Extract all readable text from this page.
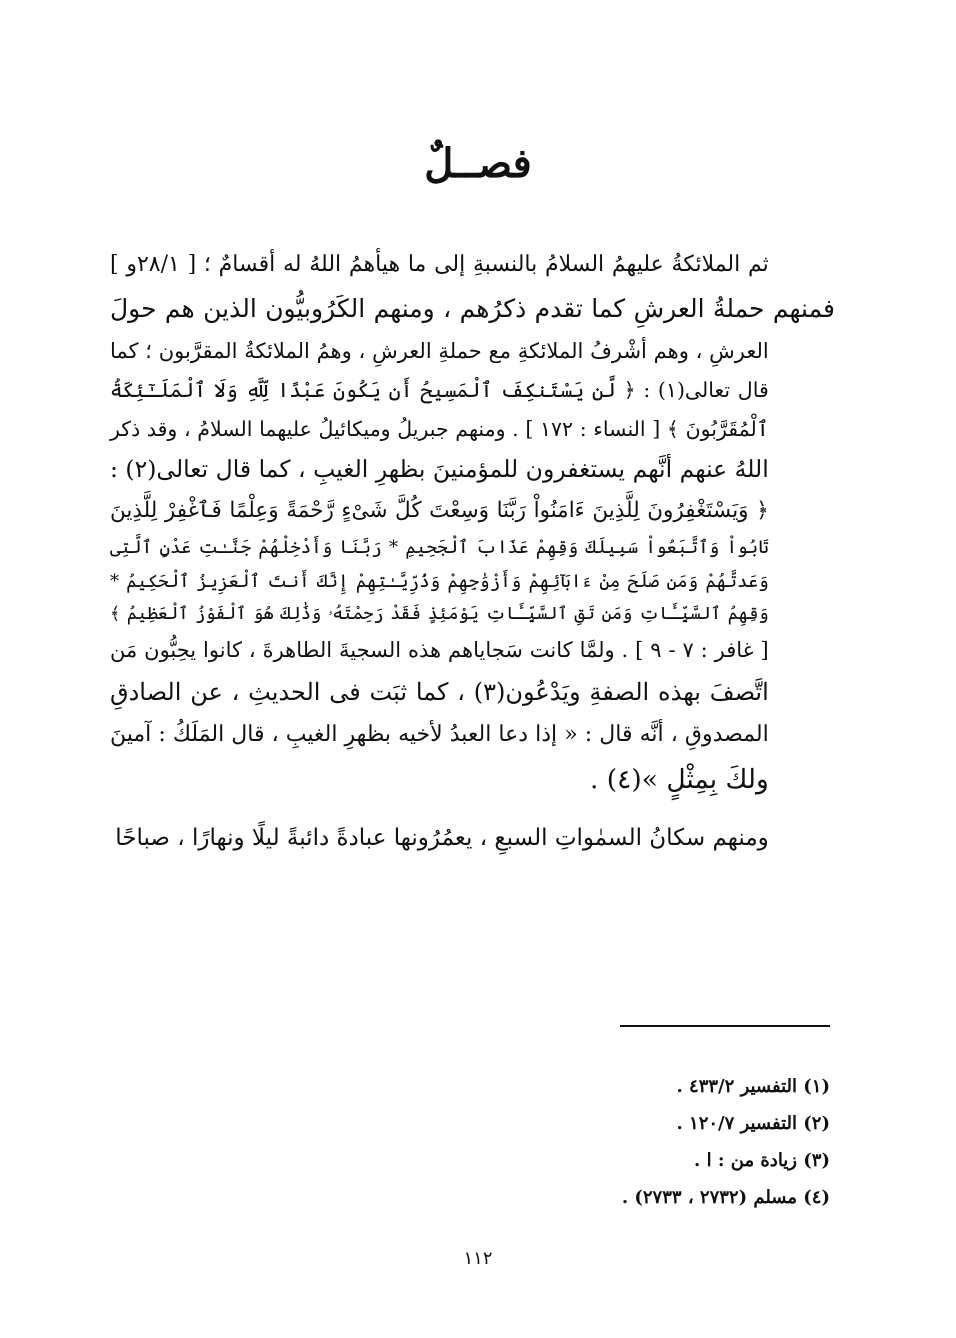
فصــلٌ

ثم الملائكةُ عليهمُ السلامُ بالنسبةِ إلى ما هيأهمُ اللهُ له أقسامٌ ؛ [ ٢٨/١و ]
فمنهم حملةُ العرشِ كما تقدم ذكرُهم ، ومنهم الكَرُوبيُّون الذين هم حولَ
العرشِ ، وهم أشْرفُ الملائكةِ مع حملةِ العرشِ ، وهمُ الملائكةُ المقرَّبون ؛ كما
قال تعالى(١) : ﴿ لَّن يَسْتَنكِفَ ٱلْمَسِيحُ أَن يَكُونَ عَبْدًا لِّلَّهِ وَلَا ٱلْمَلَـٰٓئِكَةُ
ٱلْمُقَرَّبُونَ ﴾ [ النساء : ١٧٢ ] . ومنهم جبريلُ وميكائيلُ عليهما السلامُ ، وقد ذكر
اللهُ عنهم أنَّهم يستغفرون للمؤمنينَ بظهرِ الغيبِ ، كما قال تعالى(٢) :
﴿ وَيَسْتَغْفِرُونَ لِلَّذِينَ ءَامَنُواْ رَبَّنَا وَسِعْتَ كُلَّ شَىْءٍ رَّحْمَةً وَعِلْمًا فَٱغْفِرْ لِلَّذِينَ
تَابُواْ وَٱتَّبَعُواْ سَبِيلَكَ وَقِهِمْ عَذَابَ ٱلْجَحِيمِ * رَبَّنَا وَأَدْخِلْهُمْ جَنَّـٰتِ عَدْنٍ ٱلَّتِى
وَعَدتَّهُمْ وَمَن صَلَحَ مِنْ ءَابَآئِهِمْ وَأَزْوَٰجِهِمْ وَذُرِّيَّـٰتِهِمْ إِنَّكَ أَنتَ ٱلْعَزِيزُ ٱلْحَكِيمُ *
وَقِهِمُ ٱلسَّيِّـَٔاتِ وَمَن تَقِ ٱلسَّيِّـَٔاتِ يَوْمَئِذٍ فَقَدْ رَحِمْتَهُۥ وَذَٰلِكَ هُوَ ٱلْفَوْزُ ٱلْعَظِيمُ ﴾
[ غافر : ٧ - ٩ ] . ولمَّا كانت سَجاياهم هذه السجيةَ الطاهرةَ ، كانوا يحِبُّون مَن
اتَّصفَ بهذه الصفةِ ويَدْعُون(٣) ، كما ثبَت فى الحديثِ ، عن الصادقِ
المصدوقِ ، أنَّه قال : « إذا دعا العبدُ لأخيه بظهرِ الغيبِ ، قال المَلَكُ : آمينَ
ولكَ بِمِثْلٍ »(٤) .

ومنهم سكانُ السمٰواتِ السبعِ ، يعمُرُونها عبادةً دائبةً ليلًا ونهارًا ، صباحًا

(١) التفسير ٤٣٣/٢ .
(٢) التفسير ١٢٠/٧ .
(٣) زيادة من : ا .
(٤) مسلم (٢٧٣٢ ، ٢٧٣٣) .
١١٢
